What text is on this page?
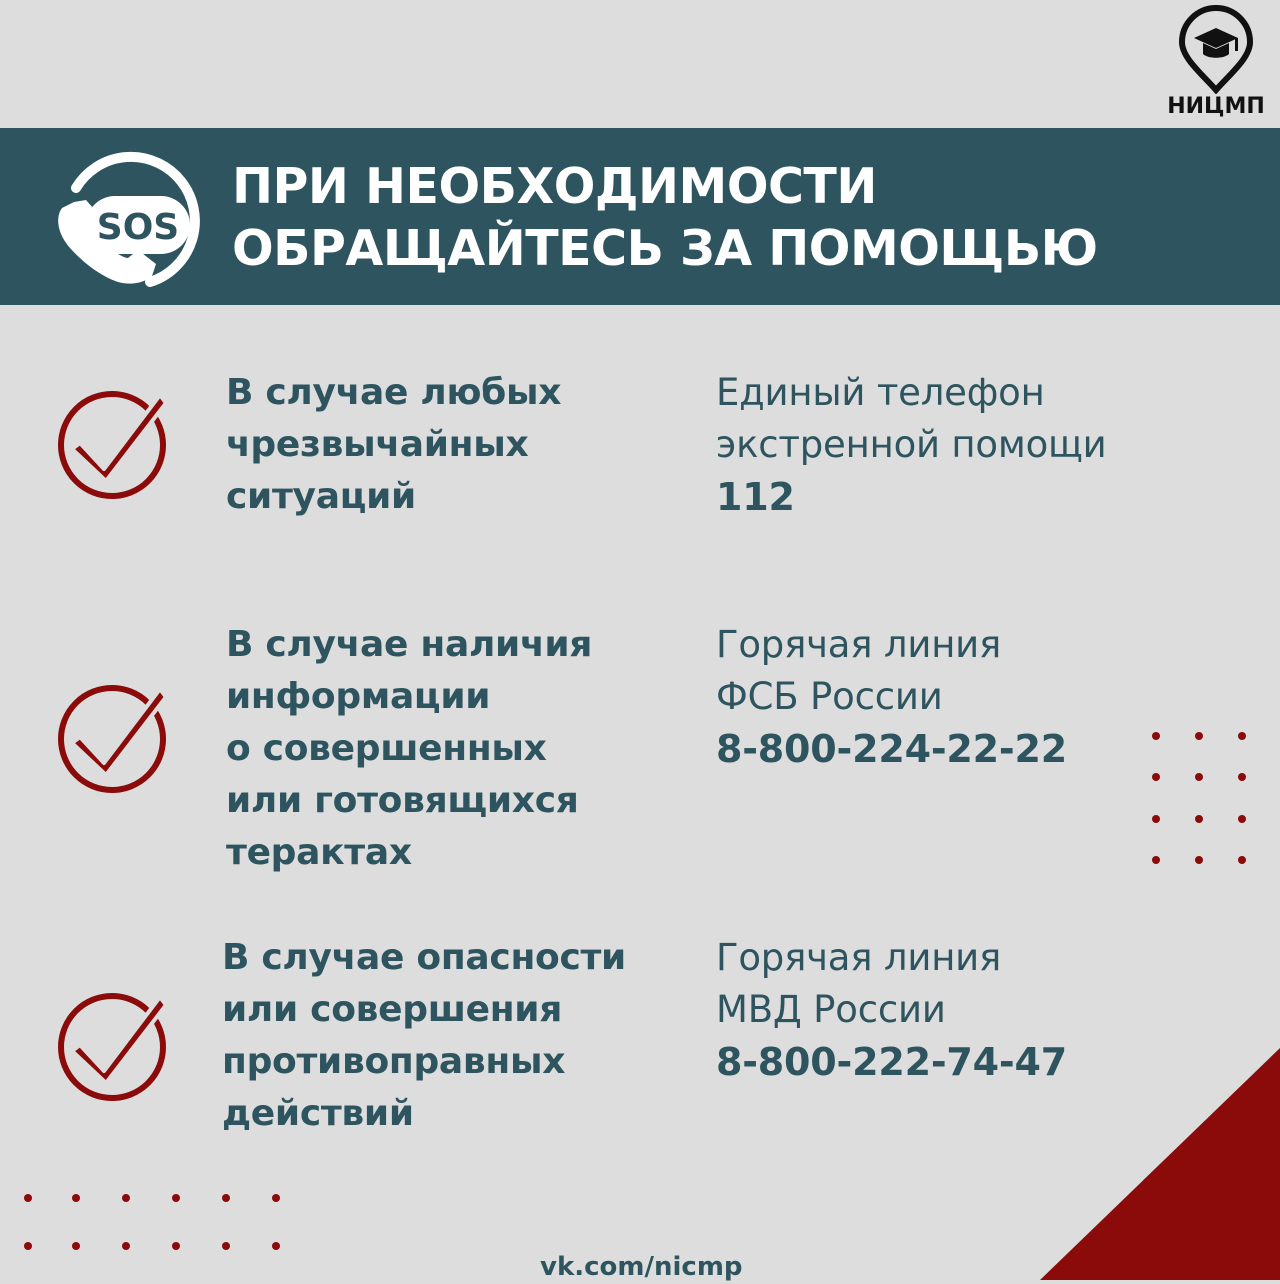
НИЦМП
SOS
ПРИ НЕОБХОДИМОСТИ
ОБРАЩАЙТЕСЬ ЗА ПОМОЩЬЮ
В случае любых
чрезвычайных
ситуаций
Единый телефон
экстренной помощи
112
В случае наличия
информации
о совершенных
или готовящихся
терактах
Горячая линия
ФСБ России
8-800-224-22-22
В случае опасности
или совершения
противоправных
действий
Горячая линия
МВД России
8-800-222-74-47
vk.com/nicmp
